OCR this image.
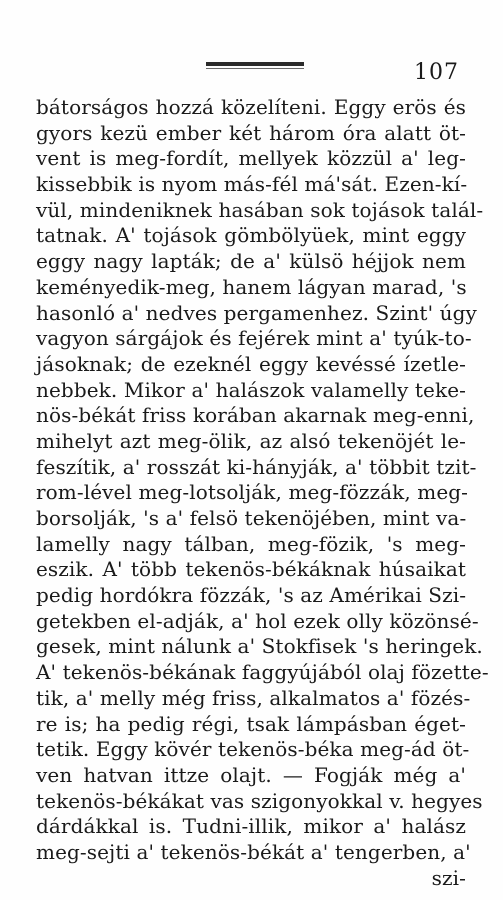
107
bátorságos hozzá közelíteni. Eggy erös és
gyors kezü ember két három óra alatt öt-
vent is meg-fordít, mellyek közzül a' leg-
kissebbik is nyom más-fél má'sát. Ezen-kí-
vül, mindeniknek hasában sok tojások talál-
tatnak. A' tojások gömbölyüek, mint eggy
eggy nagy lapták; de a' külsö héjjok nem
keményedik-meg, hanem lágyan marad, 's
hasonló a' nedves pergamenhez. Szint' úgy
vagyon sárgájok és fejérek mint a' tyúk-to-
jásoknak; de ezeknél eggy kevéssé ízetle-
nebbek. Mikor a' halászok valamelly teke-
nös-békát friss korában akarnak meg-enni,
mihelyt azt meg-ölik, az alsó tekenöjét le-
feszítik, a' rosszát ki-hányják, a' többit tzit-
rom-lével meg-lotsolják, meg-fözzák, meg-
borsolják, 's a' felsö tekenöjében, mint va-
lamelly nagy tálban, meg-fözik, 's meg-
eszik. A' több tekenös-békáknak húsaikat
pedig hordókra fözzák, 's az Amérikai Szi-
getekben el-adják, a' hol ezek olly közönsé-
gesek, mint nálunk a' Stokfisek 's heringek.
A' tekenös-békának faggyújából olaj fözette-
tik, a' melly még friss, alkalmatos a' fözés-
re is; ha pedig régi, tsak lámpásban éget-
tetik. Eggy kövér tekenös-béka meg-ád öt-
ven hatvan ittze olajt. — Fogják még a'
tekenös-békákat vas szigonyokkal v. hegyes
dárdákkal is. Tudni-illik, mikor a' halász
meg-sejti a' tekenös-békát a' tengerben, a'
szi-
